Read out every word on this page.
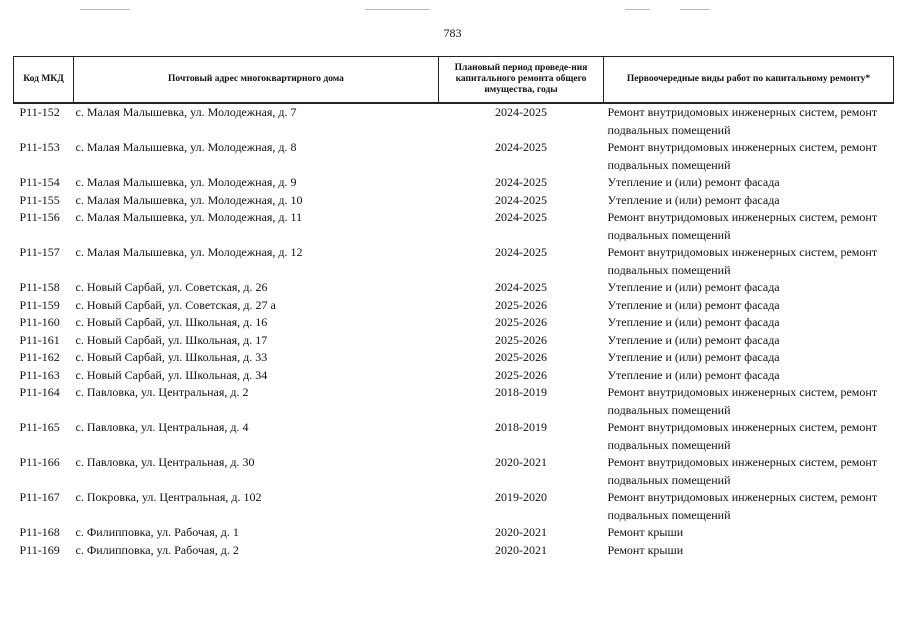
783
Код МКД	Почтовый адрес многоквартирного дома	Плановый период проведе-ния капитального ремонта общего имущества, годы	Первоочередные виды работ по капитальному ремонту*
Р11-152	с. Малая Малышевка, ул. Молодежная, д. 7	2024-2025	Ремонт внутридомовых инженерных систем, ремонт подвальных помещений
Р11-153	с. Малая Малышевка, ул. Молодежная, д. 8	2024-2025	Ремонт внутридомовых инженерных систем, ремонт подвальных помещений
Р11-154	с. Малая Малышевка, ул. Молодежная, д. 9	2024-2025	Утепление и (или) ремонт фасада
Р11-155	с. Малая Малышевка, ул. Молодежная, д. 10	2024-2025	Утепление и (или) ремонт фасада
Р11-156	с. Малая Малышевка, ул. Молодежная, д. 11	2024-2025	Ремонт внутридомовых инженерных систем, ремонт подвальных помещений
Р11-157	с. Малая Малышевка, ул. Молодежная, д. 12	2024-2025	Ремонт внутридомовых инженерных систем, ремонт подвальных помещений
Р11-158	с. Новый Сарбай, ул. Советская, д. 26	2024-2025	Утепление и (или) ремонт фасада
Р11-159	с. Новый Сарбай, ул. Советская, д. 27 а	2025-2026	Утепление и (или) ремонт фасада
Р11-160	с. Новый Сарбай, ул. Школьная, д. 16	2025-2026	Утепление и (или) ремонт фасада
Р11-161	с. Новый Сарбай, ул. Школьная, д. 17	2025-2026	Утепление и (или) ремонт фасада
Р11-162	с. Новый Сарбай, ул. Школьная, д. 33	2025-2026	Утепление и (или) ремонт фасада
Р11-163	с. Новый Сарбай, ул. Школьная, д. 34	2025-2026	Утепление и (или) ремонт фасада
Р11-164	с. Павловка, ул. Центральная, д. 2	2018-2019	Ремонт внутридомовых инженерных систем, ремонт подвальных помещений
Р11-165	с. Павловка, ул. Центральная, д. 4	2018-2019	Ремонт внутридомовых инженерных систем, ремонт подвальных помещений
Р11-166	с. Павловка, ул. Центральная, д. 30	2020-2021	Ремонт внутридомовых инженерных систем, ремонт подвальных помещений
Р11-167	с. Покровка, ул. Центральная, д. 102	2019-2020	Ремонт внутридомовых инженерных систем, ремонт подвальных помещений
Р11-168	с. Филипповка, ул. Рабочая, д. 1	2020-2021	Ремонт крыши
Р11-169	с. Филипповка, ул. Рабочая, д. 2	2020-2021	Ремонт крыши
